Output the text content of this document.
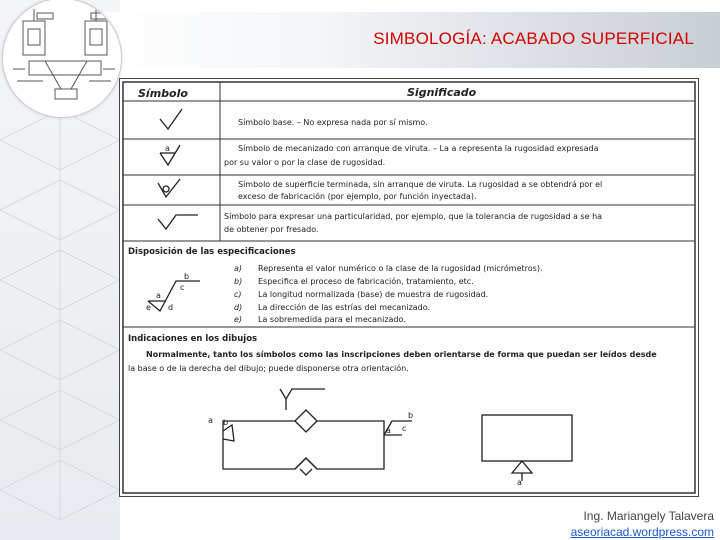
SIMBOLOGÍA: ACABADO SUPERFICIAL
Símbolo	Significado
Símbolo base. – No expresa nada por sí mismo.
a	Símbolo de mecanizado con arranque de viruta. – La a representa la rugosidad expresada
por su valor o por la clase de rugosidad.
Símbolo de superficie terminada, sin arranque de viruta. La rugosidad a se obtendrá por el
exceso de fabricación (por ejemplo, por función inyectada).
Símbolo para expresar una particularidad, por ejemplo, que la tolerancia de rugosidad a se ha
de obtener por fresado.
Disposición de las especificaciones
b
c
a
e d
a) Representa el valor numérico o la clase de la rugosidad (micrómetros).
b) Especifica el proceso de fabricación, tratamiento, etc.
c) La longitud normalizada (base) de muestra de rugosidad.
d) La dirección de las estrías del mecanizado.
e) La sobremedida para el mecanizado.
Indicaciones en los dibujos
Normalmente, tanto los símbolos como las inscripciones deben orientarse de forma que puedan ser leídos desde
la base o de la derecha del dibujo; puede disponerse otra orientación.
a b
b
a c
a
Ing. Mariangely Talavera
aseoriacad.wordpress.com
